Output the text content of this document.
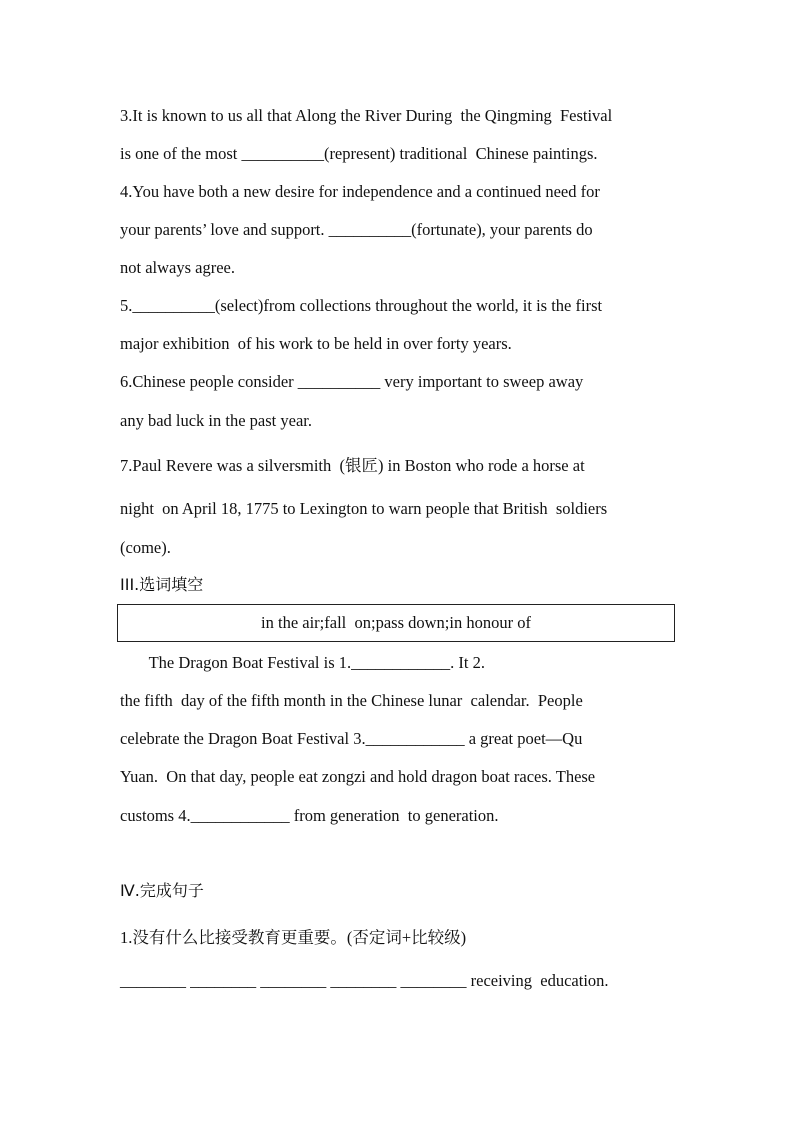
3.It is known to us all that Along the River During  the Qingming  Festival
is one of the most __________(represent) traditional  Chinese paintings.
4.You have both a new desire for independence and a continued need for
your parents’ love and support. __________(fortunate), your parents do
not always agree.
5.__________(select)from collections throughout the world, it is the first
major exhibition  of his work to be held in over forty years.
6.Chinese people consider __________ very important to sweep away
any bad luck in the past year.
7.Paul Revere was a silversmith  (银匠) in Boston who rode a horse at
night  on April 18, 1775 to Lexington to warn people that British  soldiers
(come).
III.选词填空
in the air;fall  on;pass down;in honour of
The Dragon Boat Festival is 1.____________. It 2.
the fifth  day of the fifth month in the Chinese lunar  calendar.  People
celebrate the Dragon Boat Festival 3.____________ a great poet—Qu
Yuan.  On that day, people eat zongzi and hold dragon boat races. These
customs 4.____________ from generation  to generation.
Ⅳ.完成句子
1.没有什么比接受教育更重要。(否定词+比较级)
________ ________ ________ ________ ________ receiving  education.
